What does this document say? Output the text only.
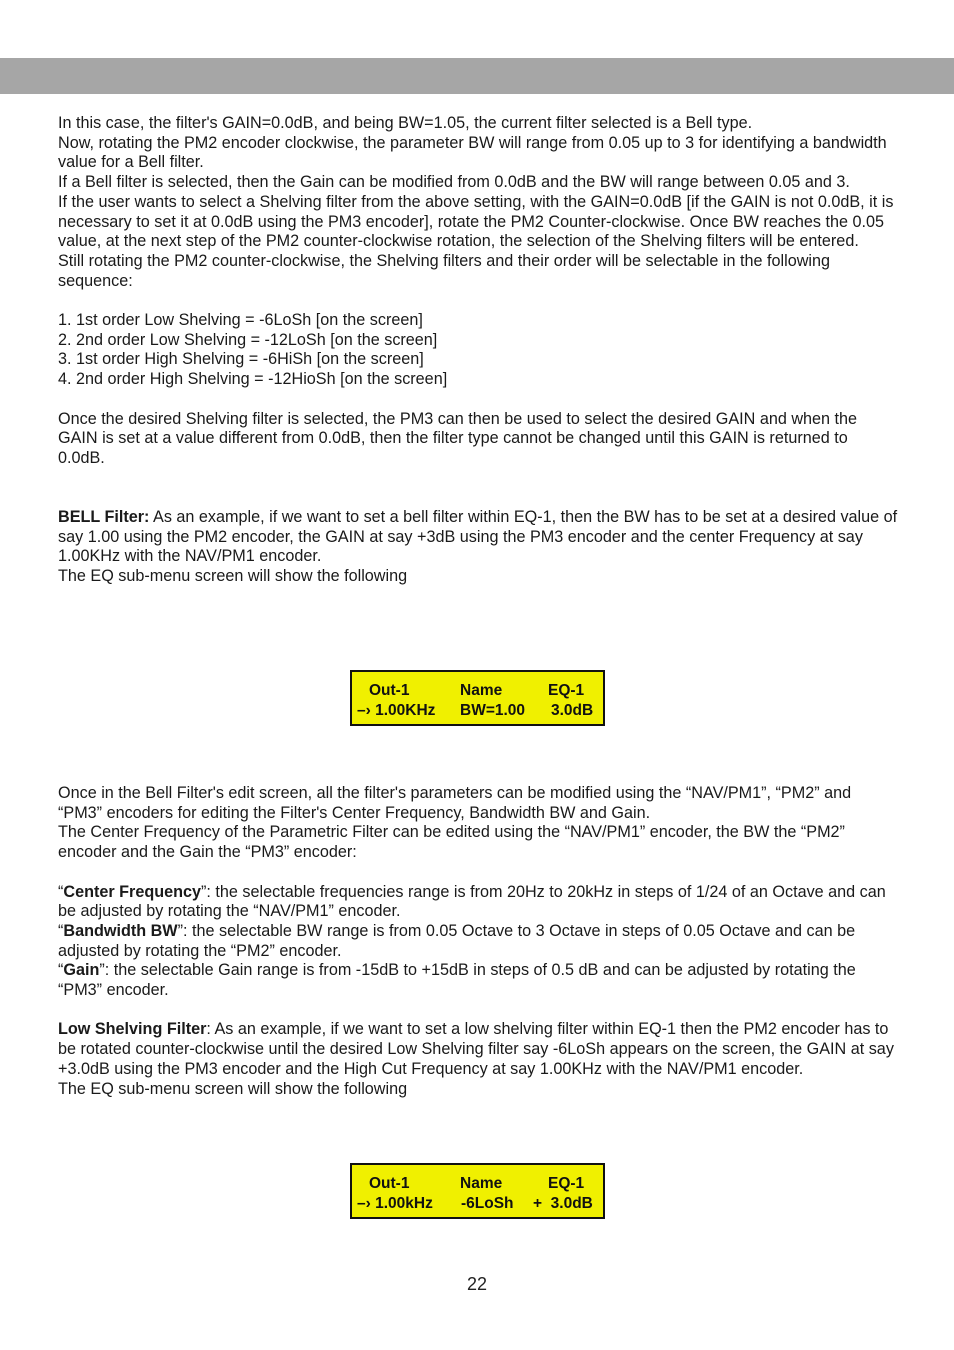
In this case, the filter's GAIN=0.0dB, and being BW=1.05, the current filter selected is a Bell type.

Now, rotating the PM2 encoder clockwise, the parameter BW will range from 0.05 up to 3 for identifying a bandwidth value for a Bell filter.

If a Bell filter is selected, then the Gain can be modified from 0.0dB and the BW will range between 0.05 and 3.

If the user wants to select a Shelving filter from the above setting, with the GAIN=0.0dB [if the GAIN is not 0.0dB, it is necessary to set it at 0.0dB using the PM3 encoder], rotate the PM2 Counter-clockwise. Once BW reaches the 0.05 value, at the next step of the PM2 counter-clockwise rotation, the selection of the Shelving filters will be entered.

Still rotating the PM2 counter-clockwise, the Shelving filters and their order will be selectable in the following sequence:

1. 1st order Low Shelving = -6LoSh [on the screen]

2. 2nd order Low Shelving = -12LoSh [on the screen]

3. 1st order High Shelving = -6HiSh [on the screen]

4. 2nd order High Shelving = -12HioSh [on the screen]

Once the desired Shelving filter is selected, the PM3 can then be used to select the desired GAIN and when the GAIN is set at a value different from 0.0dB, then the filter type cannot be changed until this GAIN is returned to 0.0dB.

BELL Filter: As an example, if we want to set a bell filter within EQ-1, then the BW has to be set at a desired value of say 1.00 using the PM2 encoder, the GAIN at say +3dB using the PM3 encoder and the center Frequency at say 1.00KHz with the NAV/PM1 encoder.

The EQ sub-menu screen will show the following

Out-1	Name	EQ-1
–› 1.00KHz BW=1.00 3.0dB

Once in the Bell Filter's edit screen, all the filter's parameters can be modified using the “NAV/PM1”, “PM2” and “PM3” encoders for editing the Filter's Center Frequency, Bandwidth BW and Gain.

The Center Frequency of the Parametric Filter can be edited using the “NAV/PM1” encoder, the BW the “PM2” encoder and the Gain the “PM3” encoder:

“Center Frequency”: the selectable frequencies range is from 20Hz to 20kHz in steps of 1/24 of an Octave and can be adjusted by rotating the “NAV/PM1” encoder.

“Bandwidth BW”: the selectable BW range is from 0.05 Octave to 3 Octave in steps of 0.05 Octave and can be adjusted by rotating the “PM2” encoder.

“Gain”: the selectable Gain range is from -15dB to +15dB in steps of 0.5 dB and can be adjusted by rotating the “PM3” encoder.

Low Shelving Filter: As an example, if we want to set a low shelving filter within EQ-1 then the PM2 encoder has to be rotated counter-clockwise until the desired Low Shelving filter say -6LoSh appears on the screen, the GAIN at say +3.0dB using the PM3 encoder and the High Cut Frequency at say 1.00KHz with the NAV/PM1 encoder.

The EQ sub-menu screen will show the following

Out-1	Name	EQ-1
–› 1.00kHz -6LoSh +  3.0dB
22
